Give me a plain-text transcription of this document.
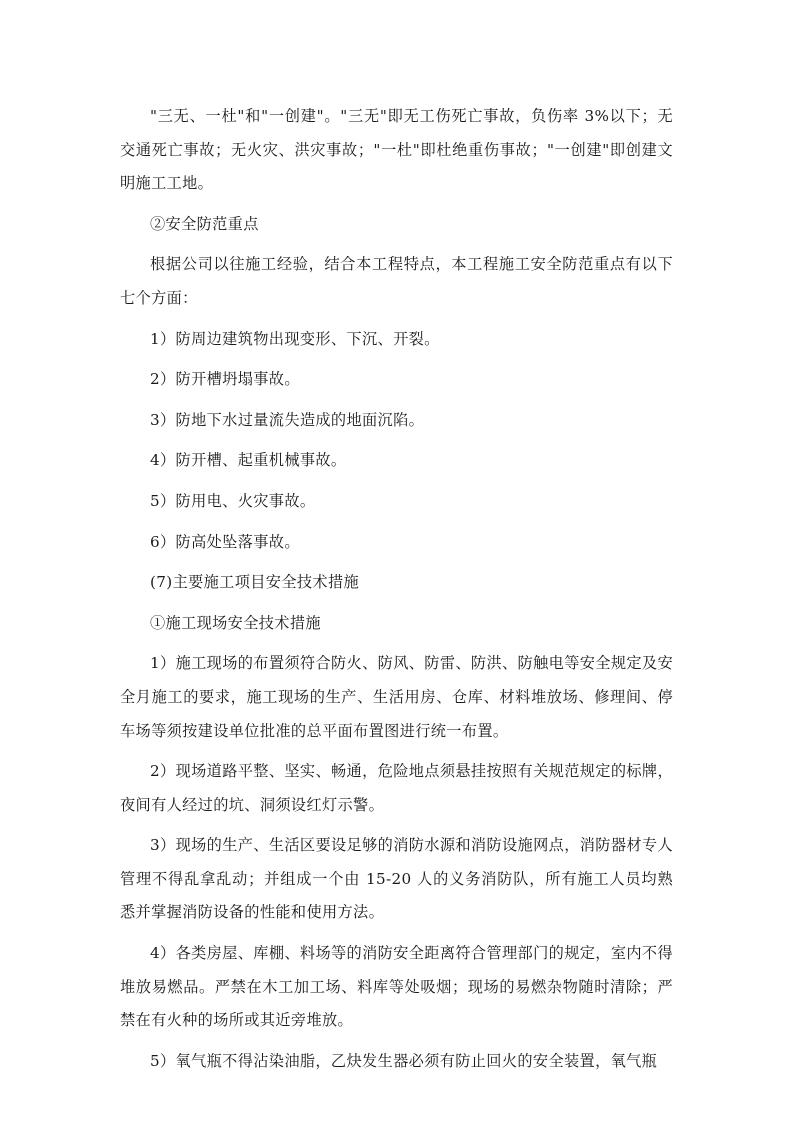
"三无、一杜"和"一创建"。"三无"即无工伤死亡事故，负伤率 3%以下；无交通死亡事故；无火灾、洪灾事故；"一杜"即杜绝重伤事故；"一创建"即创建文明施工工地。

②安全防范重点

根据公司以往施工经验，结合本工程特点，本工程施工安全防范重点有以下七个方面：

1）防周边建筑物出现变形、下沉、开裂。

2）防开槽坍塌事故。

3）防地下水过量流失造成的地面沉陷。

4）防开槽、起重机械事故。

5）防用电、火灾事故。

6）防高处坠落事故。

(7)主要施工项目安全技术措施

①施工现场安全技术措施

1）施工现场的布置须符合防火、防风、防雷、防洪、防触电等安全规定及安全月施工的要求，施工现场的生产、生活用房、仓库、材料堆放场、修理间、停车场等须按建设单位批准的总平面布置图进行统一布置。

2）现场道路平整、坚实、畅通，危险地点须悬挂按照有关规范规定的标牌，夜间有人经过的坑、洞须设红灯示警。

3）现场的生产、生活区要设足够的消防水源和消防设施网点，消防器材专人管理不得乱拿乱动；并组成一个由 15-20 人的义务消防队，所有施工人员均熟悉并掌握消防设备的性能和使用方法。

4）各类房屋、库棚、料场等的消防安全距离符合管理部门的规定，室内不得堆放易燃品。严禁在木工加工场、料库等处吸烟；现场的易燃杂物随时清除；严禁在有火种的场所或其近旁堆放。

5）氧气瓶不得沾染油脂，乙炔发生器必须有防止回火的安全装置，氧气瓶
